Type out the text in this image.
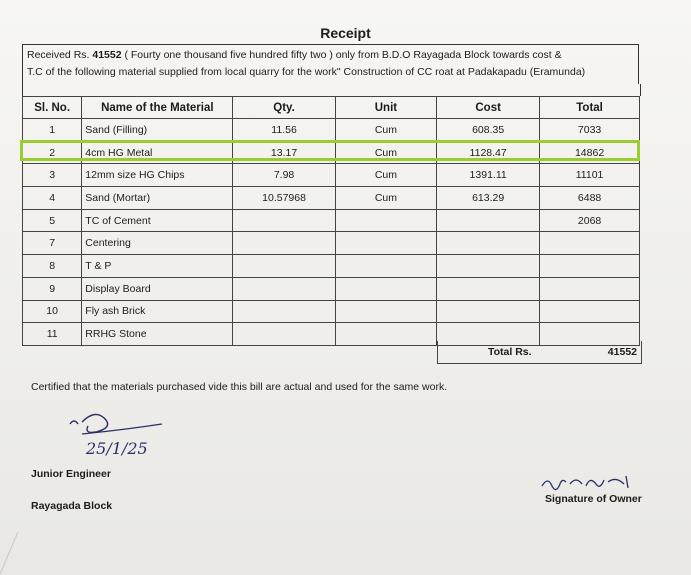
Receipt
Received Rs. 41552 ( Fourty one thousand five hundred fifty two ) only from B.D.O Rayagada Block towards cost &
T.C of the following material supplied from local quarry for the work" Construction of CC roat at Padakapadu (Eramunda)
Sl. No.	Name of the Material	Qty.	Unit	Cost	Total
1	Sand (Filling)	11.56	Cum	608.35	7033
2	4cm HG Metal	13.17	Cum	1128.47	14862
3	12mm size HG Chips	7.98	Cum	1391.11	11101
4	Sand (Mortar)	10.57968	Cum	613.29	6488
5	TC of Cement				2068
7	Centering				
8	T & P				
9	Display Board				
10	Fly ash Brick				
11	RRHG Stone				
Total Rs.	41552
Certified that the materials purchased vide this bill are actual and used for the same work.
25/1/25
Junior Engineer
Rayagada Block
Signature of Owner
